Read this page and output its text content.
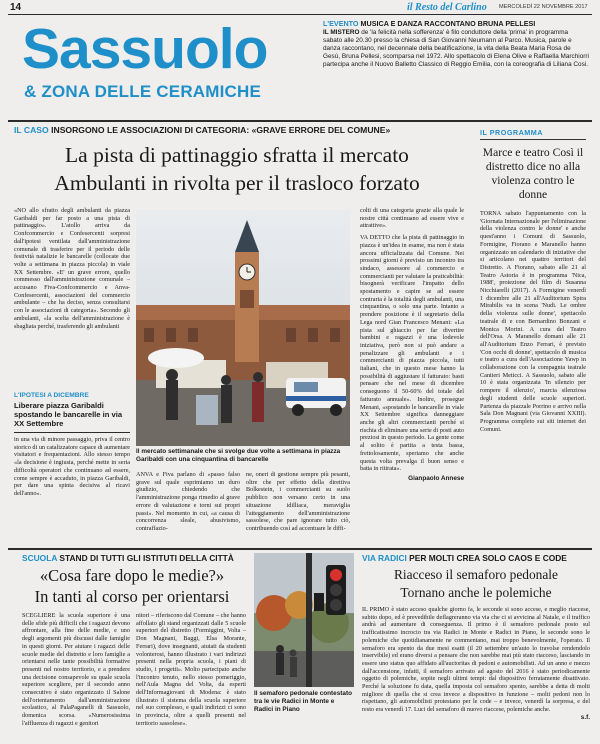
14	il Resto del Carlino MERCOLEDÌ 22 NOVEMBRE 2017
Sassuolo
& ZONA DELLE CERAMICHE
L'EVENTO MUSICA E DANZA RACCONTANO BRUNA PELLESI

IL MISTERO de 'la felicità nella sofferenza' è filo conduttore della 'prima' in programma sabato alle 20.30 presso la chiesa di San Giovanni Neumann al Parco. Musica, parole e danza raccontano, nel decennale della beatificazione, la vita della Beata Maria Rosa de Gesù, Bruna Pellesi, scomparsa nel 1972. Allo spettacolo di Elena Olive e Raffaella Marchiorri partecipa anche il Nuovo Balletto Classico di Reggio Emilia, con la coreografia di Liliana Cosi.

IL CASO INSORGONO LE ASSOCIAZIONI DI CATEGORIA: «GRAVE ERRORE DEL COMUNE»
La pista di pattinaggio sfratta il mercato
Ambulanti in rivolta per il trasloco forzato

«NO allo sfratto degli ambulanti da piazza Garibaldi per far posto a una pista di pattinaggio». L'atollo arriva da Confcommercio e Confesercenti sorpresi dall'ipotesi ventilata dall'amministrazione comunale di trasferire per il periodo delle festività natalizie le bancarelle (collocate due volte a settimana in piazza piccola) in viale XX Settembre. «E' un grave errore, quello commesso dall'amministrazione comunale – accusano Fiva-Confcommercio e Anva-Confesercenti, associazioni del commercio ambulante – che ha deciso, senza consultarsi con le associazioni di categoria». Secondo gli ambulanti, «la scelta dell'amministrazione è sbagliata perché, trasferendo gli ambulanti

L'IPOTESI A DICEMBRE
Liberare piazza Garibaldi spostando le bancarelle in via XX Settembre

in una via di minore passaggio, priva il centro storico di un catalizzatore capace di aumentare visitatori e frequentazioni. Allo stesso tempo «la decisione è ingiusta, perché mette in seria difficoltà operatori che continuano ad essere, come sempre è accaduto, in piazza Garibaldi, per dare una spinta decisiva al ricavi dell'anno».

Il mercato settimanale che si svolge due volte a settimana in piazza Garibaldi con una cinquantina di bancarelle

colti di una categoria grazie alla quale le nostre città continuano ad essere vive e attrattive».

VA DETTO che la pista di pattinaggio in piazza è un'idea in esame, ma non è stata ancora ufficializzata dal Comune. Nei prossimi giorni è previsto un incontro tra sindaco, assessore al commercio e commercianti per valutare la praticabilità: bisognerà verificare l'impatto dello spostamento e capire se ad essere contraria è la totalità degli ambulanti, una cinquantina, o solo una parte. Intanto a prendere posizione è il segretario della Lega nord Gian Francesco Menani: «La pista sul ghiaccio per far divertire bambini e ragazzi è una lodevole iniziativa, però non si può andare a penalizzare gli ambulanti e i commercianti di piazza piccola, tutti italiani, che in questo mese hanno la possibilità di aggiustare il fatturato: basti pensare che nel mese di dicembre conseguono il 50-60% del totale del fatturato annuale». Inoltre, prosegue Menani, «spostando le bancarelle in viale XX Settembre significa danneggiare anche gli altri commercianti perché si rischia di eliminare una serie di posti auto preziosi in questo periodo. La gente come al solito è partita a testa bassa, frettolosamente, speriamo che anche questa volta prevalga il buon senso e batta in ritirata».

Gianpaolo Annese

ANVA e Fiva parlano di «passo falso grave sul quale esprimiamo un duro giudizio, chiedendo che l'amministrazione ponga rimedio al grave errore di valutazione e torni sui propri passi». Nel momento in cui, «a causa di concorrenza sleale, abusivismo, contraffazio-

ne, oneri di gestione sempre più pesanti, oltre che per effetto della direttiva Bolkestein, i commercianti su suolo pubblico non versano certo in una situazione idilliaca, meraviglia l'atteggiamento dell'amministrazione sassolese, che pare ignorare tutto ciò, contribuendo così ad accentuare le diffi-

IL PROGRAMMA
Marce e teatro Così il distretto dice no alla violenza contro le donne

TORNA sabato l'appuntamento con la 'Giornata Internazionale per l'eliminazione della violenza contro le donne' e anche quest'anno i Comuni di Sassuolo, Formigine, Fiorano e Maranello hanno organizzato un calendario di iniziative che si articolano nei quattro territori del Distretto. A Fiorano, sabato alle 21 al Teatro Astoria è in programma 'Nica, 1988', proiezione del film di Susanna Nicchiarelli (2017). A Formigine venerdì 1 dicembre alle 21 all'Auditorium Spira Mirabilis va in scena 'Nudi. Le ombre della violenza sulle donne', spettacolo teatrale di e con Bernardino Bonzani e Monica Morini. A cura del Teatro dell'Orsa. A Maranello domani alle 21 all'Auditorium Enzo Ferrari, è previsto 'Con occhi di donne', spettacolo di musica e teatro a cura dell'Associazione Yawp in collaborazione con la compagnia teatrale Cantieri Meticci. A Sassuolo, sabato alle 10 è stata organizzata 'In silenzio per rompere il silenzio', marcia silenziosa degli studenti delle scuole superiori. Partenza da piazzale Porrino e arrivo nella Sala Don Magnani (via Giovanni XXIII). Programma completo sui siti internet dei Comuni.

SCUOLA STAND DI TUTTI GLI ISTITUTI DELLA CITTÀ
«Cosa fare dopo le medie?»
In tanti al corso per orientarsi

SCEGLIERE la scuola superiore è una delle sfide più difficili che i ragazzi devono affrontare, alla fine delle medie, e uno degli argomenti più discussi dalle famiglie in questi giorni. Per aiutare i ragazzi delle scuole medie del distretto e loro famiglie a orientarsi nelle tante possibilità formative presenti nel nostro territorio, e a prendere una decisione consapevole su quale scuola superiore scegliere, per il secondo anno consecutivo è stato organizzato il Salone dell'orientamento dall'amministrazione scolastico, al PalaPaganelli di Sassuolo, domenica scorsa. «Numerosissima l'affluenza di ragazzi e genitori

nitori – riferiscono dal Comune – che hanno affollato gli stand organizzati dalle 5 scuole superiori del distretto (Formiggini, Volta – Don Magnani, Baggi, Elsa Morante, Ferrari), dove insegnanti, aiutati da studenti volonterosi, hanno illustrato i vari indirizzi presenti nella propria scuola, i piani di studio, i progetti». Molto partecipato anche l'incontro tenuto, nello stesso pomeriggio, nell'Aula Magna del Volta, da esperti dell'Informagiovani di Modena: è stato illustrato il sistema della scuola superiore nel suo complesso, e quali indirizzi ci sono in provincia, oltre a quelli presenti nel territorio sassolese».

Il semaforo pedonale contestato tra le vie Radici in Monte e Radici in Piano
VIA RADICI PER MOLTI CREA SOLO CAOS E CODE
Riacceso il semaforo pedonale
Tornano anche le polemiche

IL PRIMO è stato acceso qualche giorno fa, le seconde si sono accese, e meglio riaccese, subito dopo, ed è prevedibile deflagreranno via via che ci si avvicina al Natale, e il traffico andrà ad aumentare di conseguenza. Il primo è il semaforo pedonale posto sul trafficatissimo incrocio tra via Radici in Monte e Radici in Piano, le seconde sono le polemiche che quotidianamente ne commentano, mai troppo benevolmente, l'operato. Il semaforo era spento da due mesi esatti (il 20 settembre un'auto lo travolse rendendolo inservibile) ed erano diversi a pensare che non sarebbe mai più stato riacceso, lasciando in essere uno status quo affidato all'auctoritas di pedoni e automobilisti. Ad un anno e mezzo dall'accensione, infatti, il semaforo arrivato ad agosto del 2016 è stato periodicamente oggetto di polemiche, sopite negli ultimi tempi: dal dispositivo ferratamente disattivato. Perché la soluzione fu data, quella imposta col semaforo spento, sarebbe a detta di molti migliore di quella che si crea invece a dispositivo in funzione – molti pedoni non lo rispettano, gli automobilisti protestano per le code – e invece, venerdì la sorpresa, e del resto era venerdì 17. Luci del semaforo di nuovo riaccese, polemiche anche.

s.f.
